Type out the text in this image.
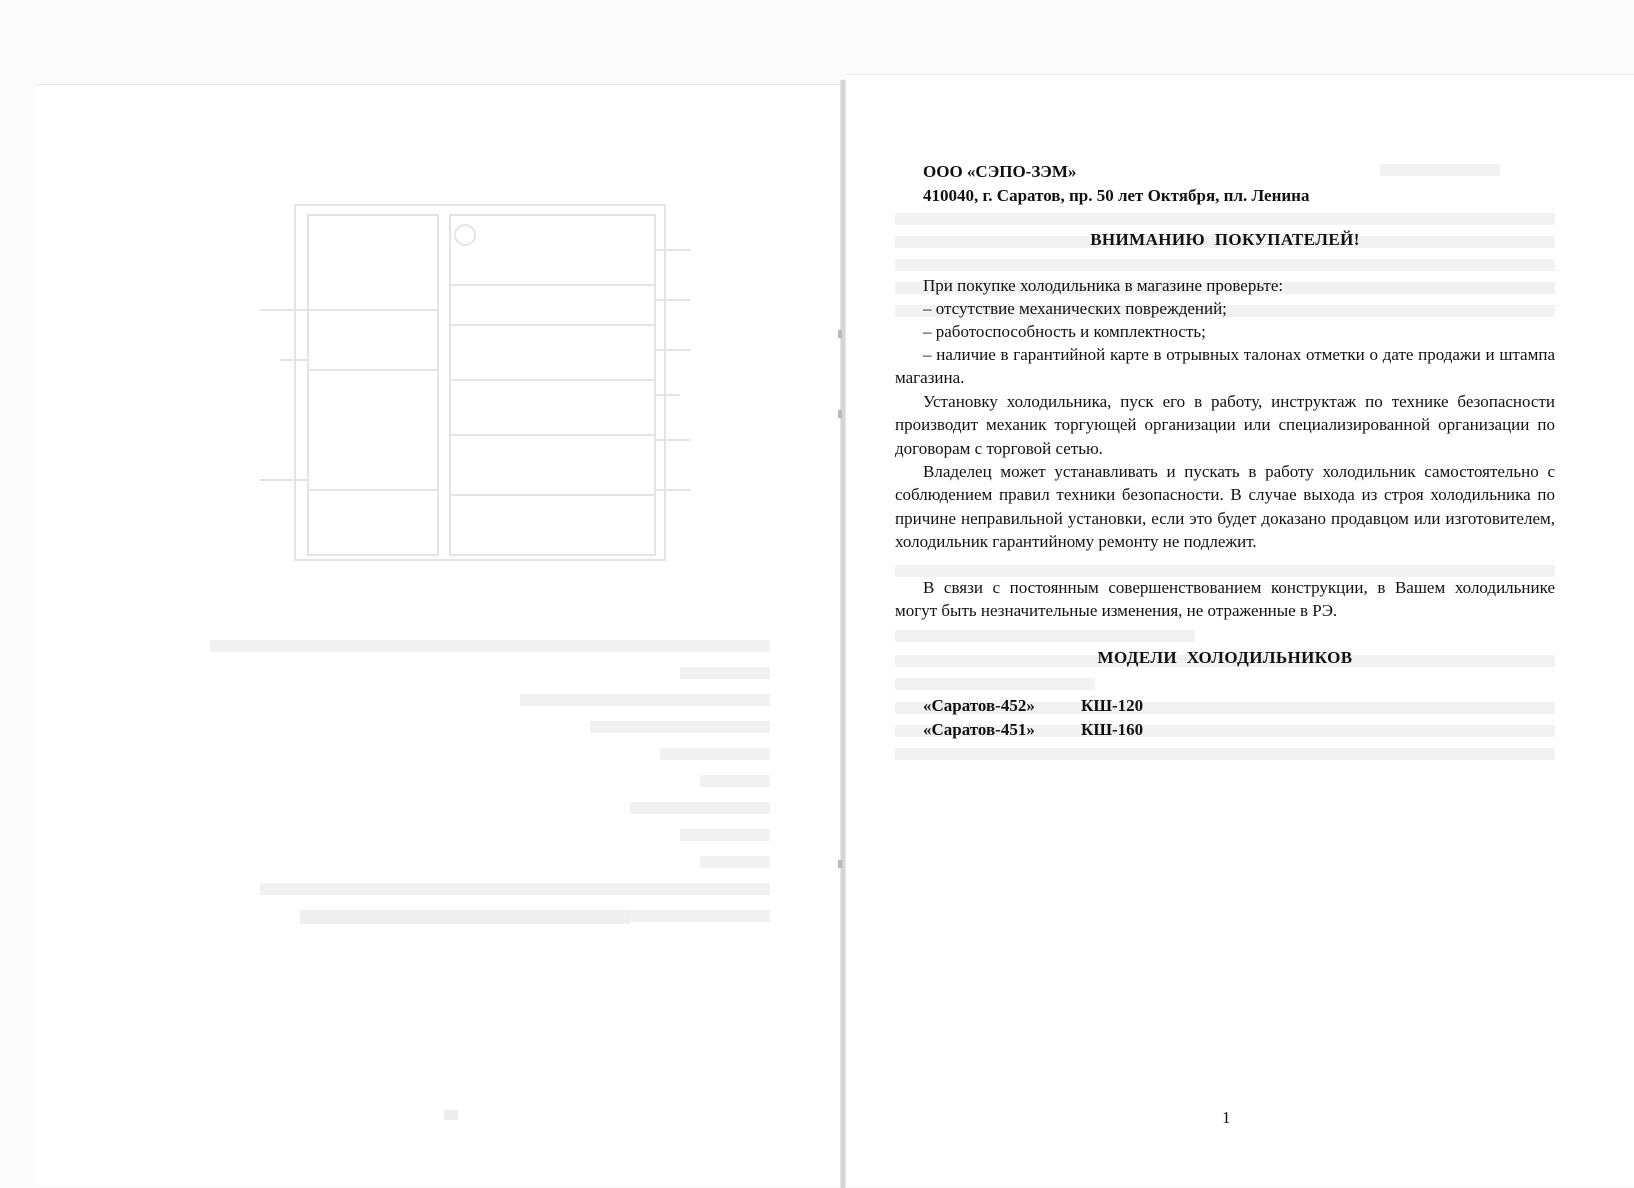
ООО «СЭПО-ЗЭМ»
410040, г. Саратов, пр. 50 лет Октября, пл. Ленина
ВНИМАНИЮ ПОКУПАТЕЛЕЙ!
При покупке холодильника в магазине проверьте:
– отсутствие механических повреждений;
– работоспособность и комплектность;
– наличие в гарантийной карте в отрывных талонах отметки о дате продажи и штампа магазина.
Установку холодильника, пуск его в работу, инструктаж по технике безопасности производит механик торгующей организации или специализированной организации по договорам с торговой сетью.
Владелец может устанавливать и пускать в работу холодильник самостоятельно с соблюдением правил техники безопасности. В случае выхода из строя холодильника по причине неправильной установки, если это будет доказано продавцом или изготовителем, холодильник гарантийному ремонту не подлежит.
В связи с постоянным совершенствованием конструкции, в Вашем холодильнике могут быть незначительные изменения, не отраженные в РЭ.
МОДЕЛИ ХОЛОДИЛЬНИКОВ
«Саратов-452»	КШ-120
«Саратов-451»	КШ-160
1
